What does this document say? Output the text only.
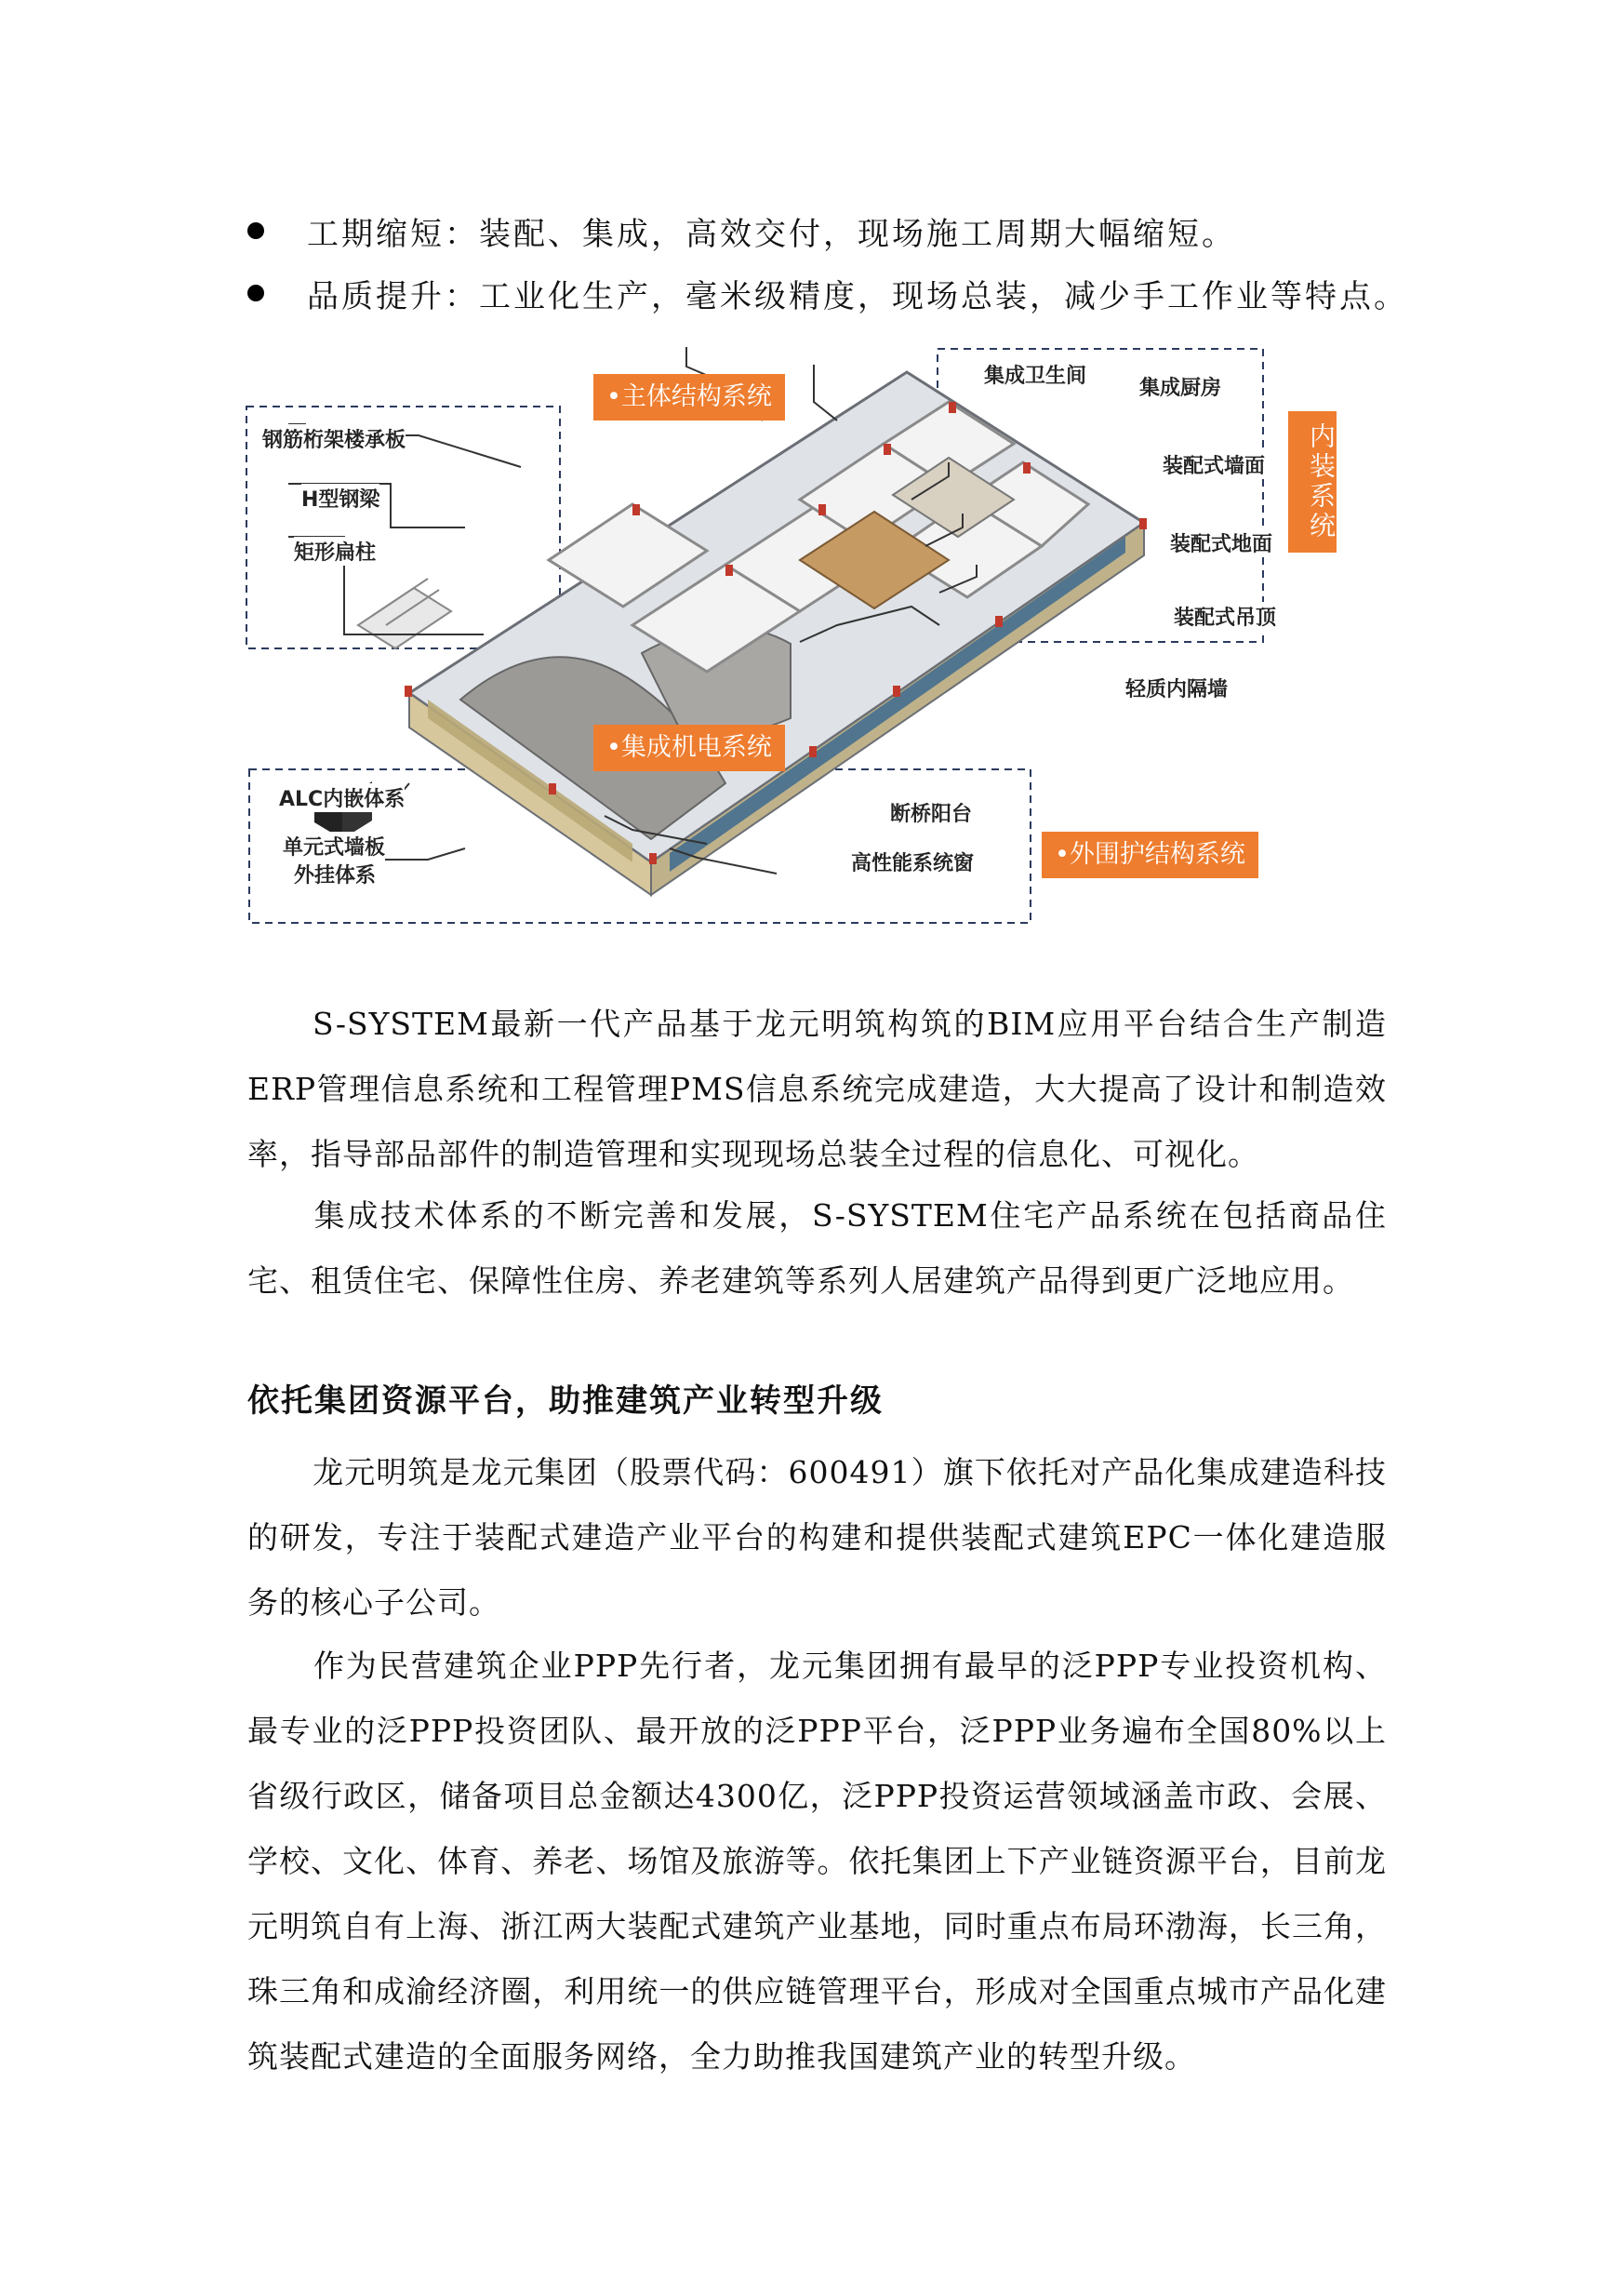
工期缩短：装配、集成，高效交付，现场施工周期大幅缩短。
品质提升：工业化生产，毫米级精度，现场总装，减少手工作业等特点。
•主体结构系统
•集成机电系统
•外围护结构系统
内装系统
钢筋桁架楼承板
H型钢梁
矩形扁柱
集成卫生间
集成厨房
装配式墙面
装配式地面
装配式吊顶
轻质内隔墙
ALC内嵌体系
单元式墙板
外挂体系
断桥阳台
高性能系统窗
S-SYSTEM最新一代产品基于龙元明筑构筑的BIM应用平台结合生产制造ERP管理信息系统和工程管理PMS信息系统完成建造，大大提高了设计和制造效率，指导部品部件的制造管理和实现现场总装全过程的信息化、可视化。
集成技术体系的不断完善和发展，S-SYSTEM住宅产品系统在包括商品住宅、租赁住宅、保障性住房、养老建筑等系列人居建筑产品得到更广泛地应用。
依托集团资源平台，助推建筑产业转型升级
龙元明筑是龙元集团（股票代码：600491）旗下依托对产品化集成建造科技的研发，专注于装配式建造产业平台的构建和提供装配式建筑EPC一体化建造服务的核心子公司。
作为民营建筑企业PPP先行者，龙元集团拥有最早的泛PPP专业投资机构、最专业的泛PPP投资团队、最开放的泛PPP平台，泛PPP业务遍布全国80%以上省级行政区，储备项目总金额达4300亿，泛PPP投资运营领域涵盖市政、会展、学校、文化、体育、养老、场馆及旅游等。依托集团上下产业链资源平台，目前龙元明筑自有上海、浙江两大装配式建筑产业基地，同时重点布局环渤海，长三角，珠三角和成渝经济圈，利用统一的供应链管理平台，形成对全国重点城市产品化建筑装配式建造的全面服务网络，全力助推我国建筑产业的转型升级。
